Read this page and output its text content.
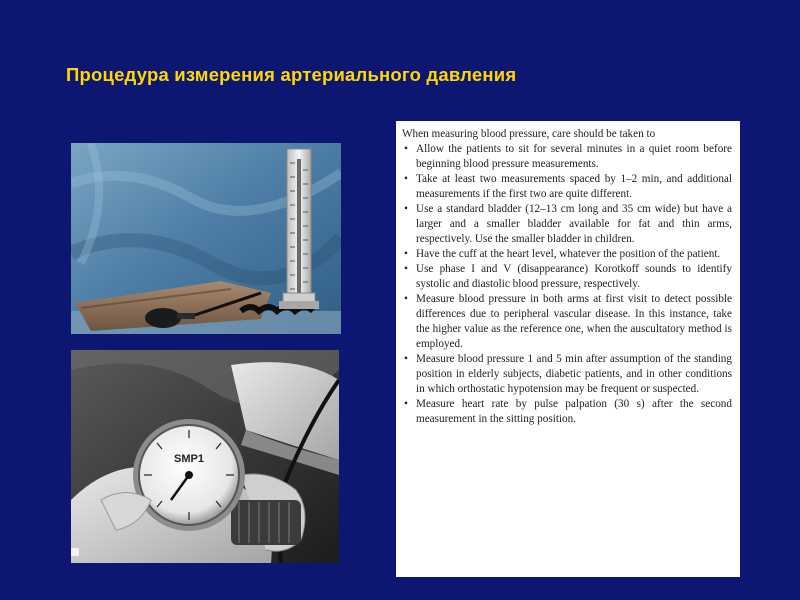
Процедура измерения артериального давления
SMP1

When measuring blood pressure, care should be taken to

• Allow the patients to sit for several minutes in a quiet room before beginning blood pressure measurements.
• Take at least two measurements spaced by 1–2 min, and additional measurements if the first two are quite different.
• Use a standard bladder (12–13 cm long and 35 cm wide) but have a larger and a smaller bladder available for fat and thin arms, respectively. Use the smaller bladder in children.
• Have the cuff at the heart level, whatever the position of the patient.
• Use phase I and V (disappearance) Korotkoff sounds to identify systolic and diastolic blood pressure, respectively.
• Measure blood pressure in both arms at first visit to detect possible differences due to peripheral vascular disease. In this instance, take the higher value as the reference one, when the auscultatory method is employed.
• Measure blood pressure 1 and 5 min after assumption of the standing position in elderly subjects, diabetic patients, and in other conditions in which orthostatic hypotension may be frequent or suspected.
• Measure heart rate by pulse palpation (30 s) after the second measurement in the sitting position.
